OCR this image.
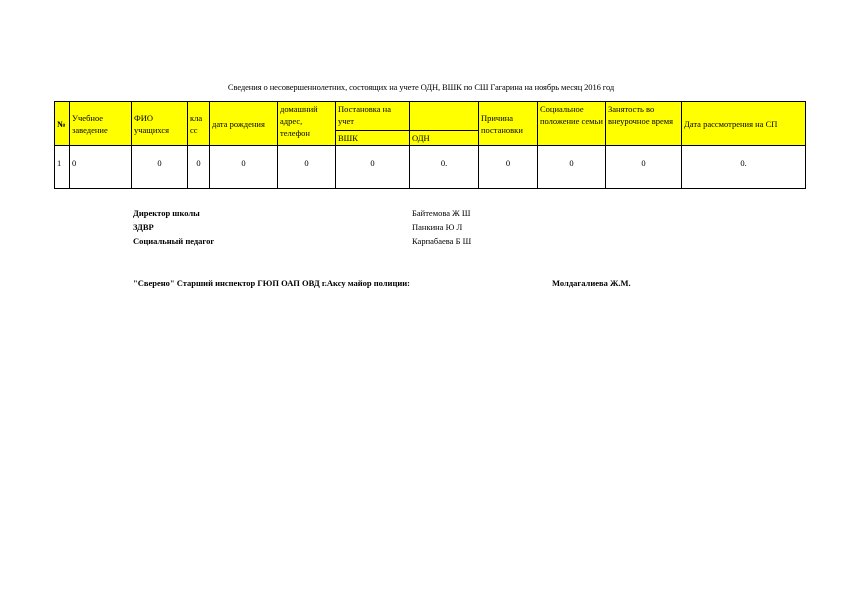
Сведения о несовершеннолетних, состоящих на учете ОДН, ВШК по СШ Гагарина на ноябрь месяц 2016 год
№	Учебное заведение	ФИО учащихся	кла сс	дата рождения	домашний адрес, телефон	Постановка на учет		Причина постановки	Социальное положение семьи	Занятость во внеурочное время	Дата рассмотрения на СП
						ВШК	ОДН				
1	0	0	0	0	0	0	0.	0	0	0	0.
Директор школы	Байтемова Ж Ш
ЗДВР	Панкина Ю Л
Социальный педагог	Карпабаева Б Ш
"Сверено" Старший инспектор ГЮП ОАП ОВД г.Аксу майор полиции:	Молдагалиева Ж.М.
